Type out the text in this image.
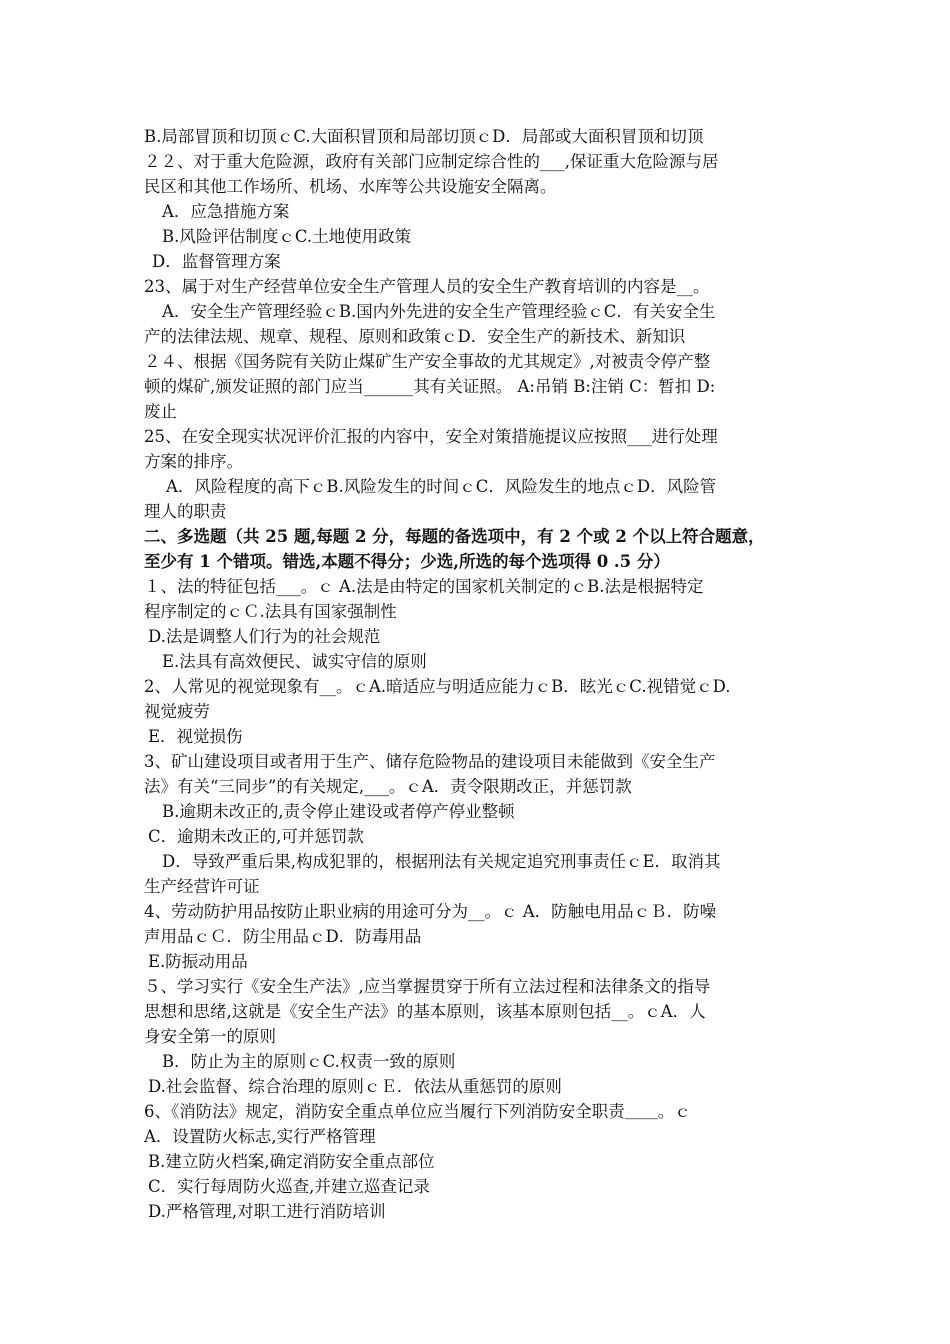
B.局部冒顶和切顶ｃC.大面积冒顶和局部切顶ｃD．局部或大面积冒顶和切顶
２２、对于重大危险源，政府有关部门应制定综合性的___,保证重大危险源与居
民区和其他工作场所、机场、水库等公共设施安全隔离。
A．应急措施方案
B.风险评估制度ｃC.土地使用政策
D．监督管理方案
23、属于对生产经营单位安全生产管理人员的安全生产教育培训的内容是__。
A．安全生产管理经验ｃB.国内外先进的安全生产管理经验ｃC．有关安全生
产的法律法规、规章、规程、原则和政策ｃD．安全生产的新技术、新知识
２４、根据《国务院有关防止煤矿生产安全事故的尤其规定》,对被责令停产整
顿的煤矿,颁发证照的部门应当______其有关证照。 A:吊销 B:注销 C：暂扣 D:
废止
25、在安全现实状况评价汇报的内容中，安全对策措施提议应按照___进行处理
方案的排序。
A．风险程度的高下ｃB.风险发生的时间ｃC．风险发生的地点ｃD．风险管
理人的职责
二、多选题（共 25 题,每题 2 分，每题的备选项中，有 2 个或 2 个以上符合题意，
至少有 1 个错项。错选,本题不得分；少选,所选的每个选项得 0 .5 分）
１、法的特征包括___。ｃ A.法是由特定的国家机关制定的ｃB.法是根据特定
程序制定的ｃＣ.法具有国家强制性
D.法是调整人们行为的社会规范
E.法具有高效便民、诚实守信的原则
2、人常见的视觉现象有__。ｃA.暗适应与明适应能力ｃB．眩光ｃC.视错觉ｃD.
视觉疲劳
E．视觉损伤
3、矿山建设项目或者用于生产、储存危险物品的建设项目未能做到《安全生产
法》有关“三同步”的有关规定,___。ｃA．责令限期改正，并惩罚款
B.逾期未改正的,责令停止建设或者停产停业整顿
C．逾期未改正的,可并惩罚款
D．导致严重后果,构成犯罪的，根据刑法有关规定追究刑事责任ｃE．取消其
生产经营许可证
4、劳动防护用品按防止职业病的用途可分为__。ｃ A．防触电用品ｃＢ．防噪
声用品ｃＣ．防尘用品ｃD．防毒用品
E.防振动用品
５、学习实行《安全生产法》,应当掌握贯穿于所有立法过程和法律条文的指导
思想和思绪,这就是《安全生产法》的基本原则，该基本原则包括__。ｃA．人
身安全第一的原则
B．防止为主的原则ｃC.权责一致的原则
D.社会监督、综合治理的原则ｃＥ．依法从重惩罚的原则
6、《消防法》规定，消防安全重点单位应当履行下列消防安全职责＿＿。ｃ
A．设置防火标志,实行严格管理
B.建立防火档案,确定消防安全重点部位
C．实行每周防火巡查,并建立巡查记录
D.严格管理,对职工进行消防培训
